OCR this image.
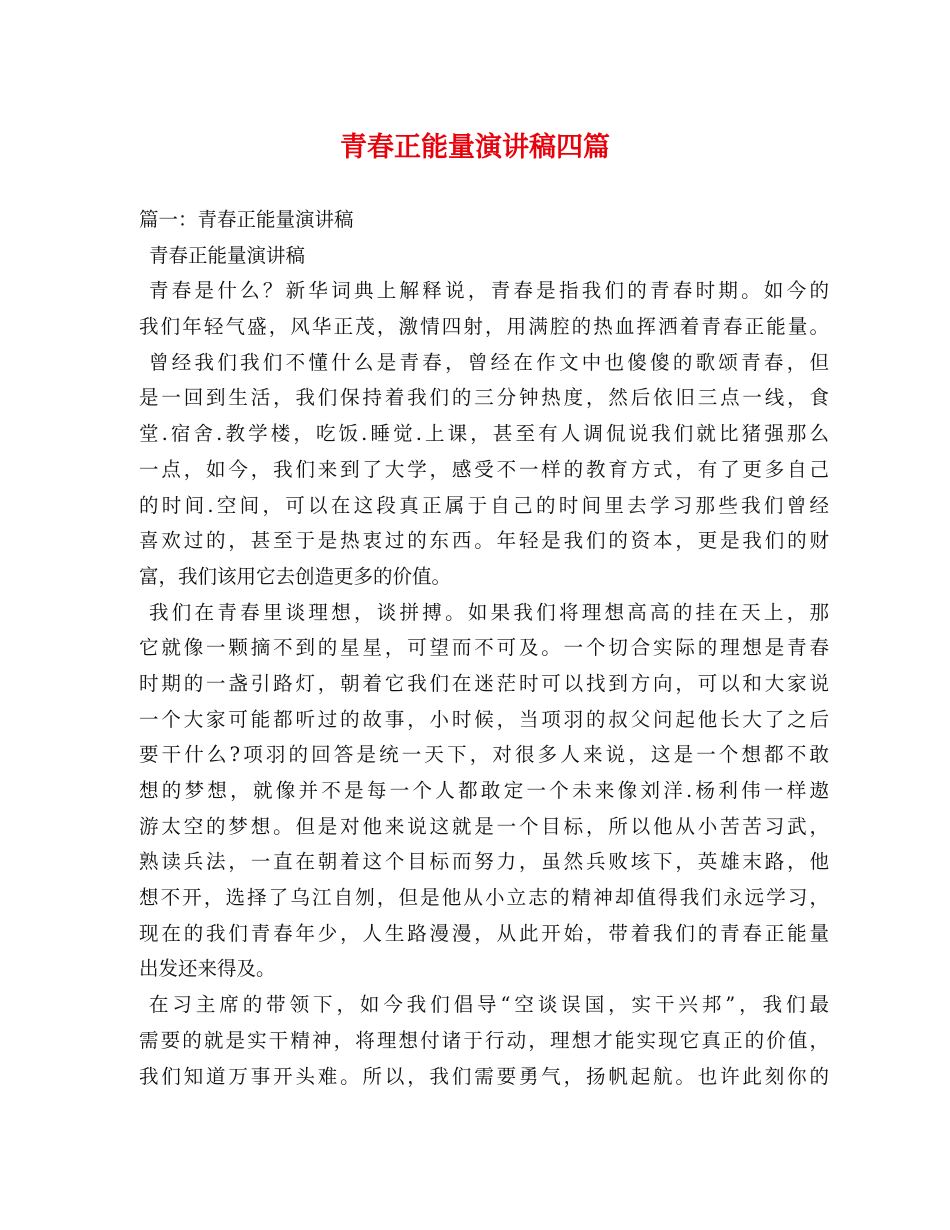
青春正能量演讲稿四篇
篇一：青春正能量演讲稿
青春正能量演讲稿
青春是什么？新华词典上解释说，青春是指我们的青春时期。如今的
我们年轻气盛，风华正茂，激情四射，用满腔的热血挥洒着青春正能量。
曾经我们我们不懂什么是青春，曾经在作文中也傻傻的歌颂青春，但
是一回到生活，我们保持着我们的三分钟热度，然后依旧三点一线，食
堂.宿舍.教学楼，吃饭.睡觉.上课，甚至有人调侃说我们就比猪强那么
一点，如今，我们来到了大学，感受不一样的教育方式，有了更多自己
的时间.空间，可以在这段真正属于自己的时间里去学习那些我们曾经
喜欢过的，甚至于是热衷过的东西。年轻是我们的资本，更是我们的财
富，我们该用它去创造更多的价值。
我们在青春里谈理想，谈拼搏。如果我们将理想高高的挂在天上，那
它就像一颗摘不到的星星，可望而不可及。一个切合实际的理想是青春
时期的一盏引路灯，朝着它我们在迷茫时可以找到方向，可以和大家说
一个大家可能都听过的故事，小时候，当项羽的叔父问起他长大了之后
要干什么?项羽的回答是统一天下，对很多人来说，这是一个想都不敢
想的梦想，就像并不是每一个人都敢定一个未来像刘洋.杨利伟一样遨
游太空的梦想。但是对他来说这就是一个目标，所以他从小苦苦习武，
熟读兵法，一直在朝着这个目标而努力，虽然兵败垓下，英雄末路，他
想不开，选择了乌江自刎，但是他从小立志的精神却值得我们永远学习，
现在的我们青春年少，人生路漫漫，从此开始，带着我们的青春正能量
出发还来得及。
在习主席的带领下，如今我们倡导“空谈误国，实干兴邦”，我们最
需要的就是实干精神，将理想付诸于行动，理想才能实现它真正的价值，
我们知道万事开头难。所以，我们需要勇气，扬帆起航。也许此刻你的
